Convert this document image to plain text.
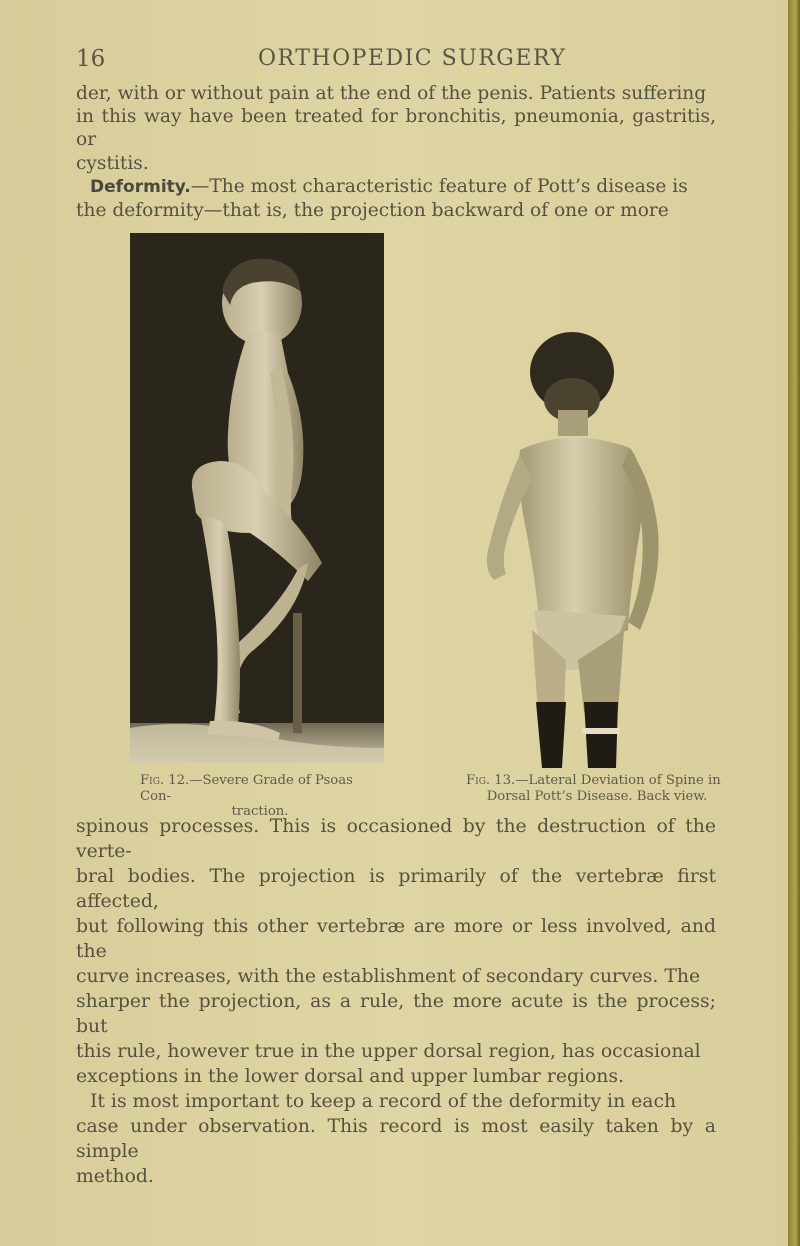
16	ORTHOPEDIC SURGERY

der, with or without pain at the end of the penis. Patients suffering

in this way have been treated for bronchitis, pneumonia, gastritis, or

cystitis.

Deformity.—The most characteristic feature of Pott’s disease is

the deformity—that is, the projection backward of one or more

Fig. 12.—Severe Grade of Psoas Con-
traction.
Fig. 13.—Lateral Deviation of Spine in
Dorsal Pott’s Disease. Back view.

spinous processes. This is occasioned by the destruction of the verte-

bral bodies. The projection is primarily of the vertebræ first affected,

but following this other vertebræ are more or less involved, and the

curve increases, with the establishment of secondary curves. The

sharper the projection, as a rule, the more acute is the process; but

this rule, however true in the upper dorsal region, has occasional

exceptions in the lower dorsal and upper lumbar regions.

It is most important to keep a record of the deformity in each

case under observation. This record is most easily taken by a simple

method.
